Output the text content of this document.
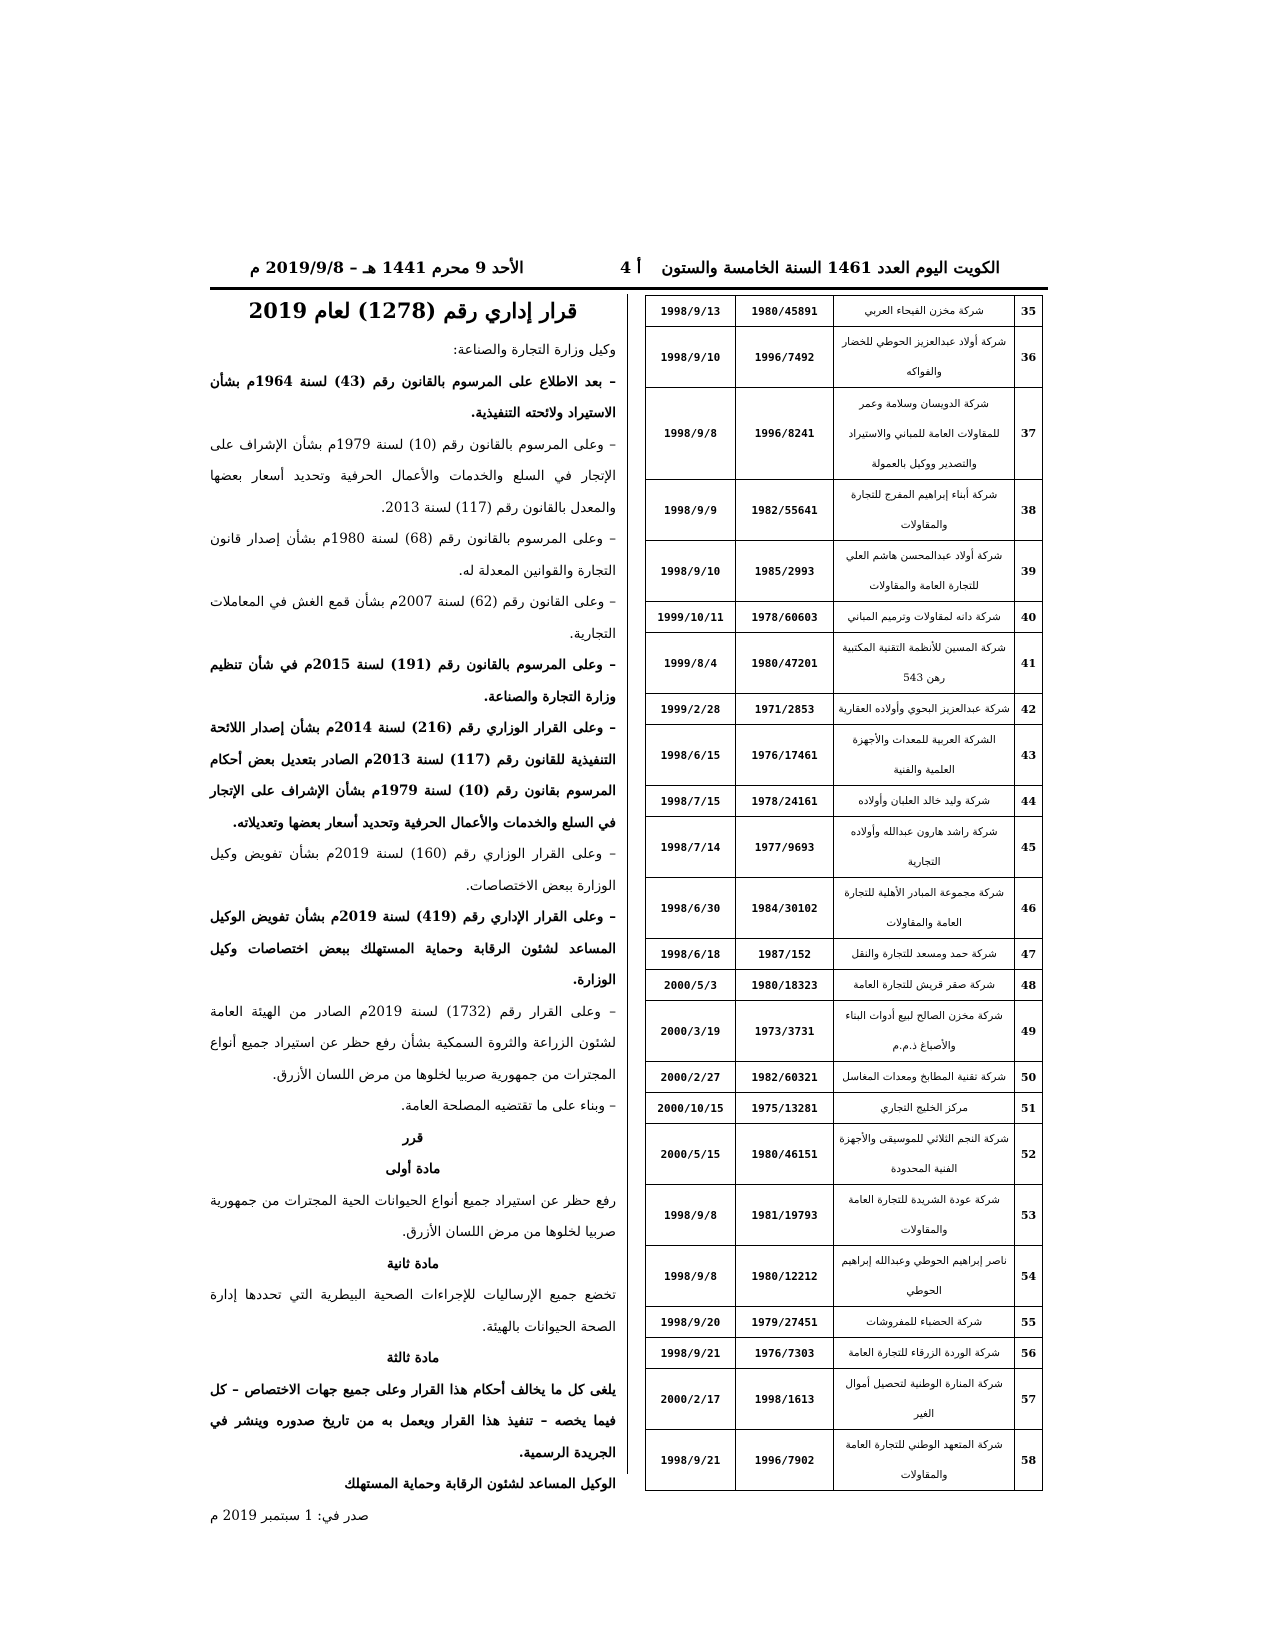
الأحد 9 محرم 1441 هـ – 2019/9/8 م	أ 4 الكويت اليوم العدد 1461 السنة الخامسة والستون
قرار إداري رقم (1278) لعام 2019

وكيل وزارة التجارة والصناعة:

– بعد الاطلاع على المرسوم بالقانون رقم (43) لسنة 1964م بشأن الاستيراد ولائحته التنفيذية.

– وعلى المرسوم بالقانون رقم (10) لسنة 1979م بشأن الإشراف على الإتجار في السلع والخدمات والأعمال الحرفية وتحديد أسعار بعضها والمعدل بالقانون رقم (117) لسنة 2013.

– وعلى المرسوم بالقانون رقم (68) لسنة 1980م بشأن إصدار قانون التجارة والقوانين المعدلة له.

– وعلى القانون رقم (62) لسنة 2007م بشأن قمع الغش في المعاملات التجارية.

– وعلى المرسوم بالقانون رقم (191) لسنة 2015م في شأن تنظيم وزارة التجارة والصناعة.

– وعلى القرار الوزاري رقم (216) لسنة 2014م بشأن إصدار اللائحة التنفيذية للقانون رقم (117) لسنة 2013م الصادر بتعديل بعض أحكام المرسوم بقانون رقم (10) لسنة 1979م بشأن الإشراف على الإتجار في السلع والخدمات والأعمال الحرفية وتحديد أسعار بعضها وتعديلاته.

– وعلى القرار الوزاري رقم (160) لسنة 2019م بشأن تفويض وكيل الوزارة ببعض الاختصاصات.

– وعلى القرار الإداري رقم (419) لسنة 2019م بشأن تفويض الوكيل المساعد لشئون الرقابة وحماية المستهلك ببعض اختصاصات وكيل الوزارة.

– وعلى القرار رقم (1732) لسنة 2019م الصادر من الهيئة العامة لشئون الزراعة والثروة السمكية بشأن رفع حظر عن استيراد جميع أنواع المجترات من جمهورية صربيا لخلوها من مرض اللسان الأزرق.

– وبناء على ما تقتضيه المصلحة العامة.

قرر

مادة أولى

رفع حظر عن استيراد جميع أنواع الحيوانات الحية المجترات من جمهورية صربيا لخلوها من مرض اللسان الأزرق.

مادة ثانية

تخضع جميع الإرساليات للإجراءات الصحية البيطرية التي تحددها إدارة الصحة الحيوانات بالهيئة.

مادة ثالثة

يلغى كل ما يخالف أحكام هذا القرار وعلى جميع جهات الاختصاص – كل فيما يخصه – تنفيذ هذا القرار ويعمل به من تاريخ صدوره وينشر في الجريدة الرسمية.

الوكيل المساعد لشئون الرقابة وحماية المستهلك

صدر في: 1 سبتمبر 2019 م

35	شركة مخزن الفيحاء العربي	1980/45891	1998/9/13
36	شركة أولاد عبدالعزيز الحوطي للخضار والفواكه	1996/7492	1998/9/10
37	شركة الدويسان وسلامة وعمر للمقاولات العامة للمباني والاستيراد والتصدير ووكيل بالعمولة	1996/8241	1998/9/8
38	شركة أبناء إبراهيم المفرج للتجارة والمقاولات	1982/55641	1998/9/9
39	شركة أولاد عبدالمحسن هاشم العلي للتجارة العامة والمقاولات	1985/2993	1998/9/10
40	شركة دانه لمقاولات وترميم المباني	1978/60603	1999/10/11
41	شركة المسين للأنظمة التقنية المكتبية رهن 543	1980/47201	1999/8/4
42	شركة عبدالعزيز البحوي وأولاده العقارية	1971/2853	1999/2/28
43	الشركة العربية للمعدات والأجهزة العلمية والفنية	1976/17461	1998/6/15
44	شركة وليد خالد العلبان وأولاده	1978/24161	1998/7/15
45	شركة راشد هارون عبدالله وأولاده التجارية	1977/9693	1998/7/14
46	شركة مجموعة المبادر الأهلية للتجارة العامة والمقاولات	1984/30102	1998/6/30
47	شركة حمد ومسعد للتجارة والنقل	1987/152	1998/6/18
48	شركة صقر قريش للتجارة العامة	1980/18323	2000/5/3
49	شركة مخزن الصالح لبيع أدوات البناء والأصباغ ذ.م.م	1973/3731	2000/3/19
50	شركة تقنية المطابخ ومعدات المغاسل	1982/60321	2000/2/27
51	مركز الخليج التجاري	1975/13281	2000/10/15
52	شركة النجم الثلاثي للموسيقى والأجهزة الفنية المحدودة	1980/46151	2000/5/15
53	شركة عودة الشريدة للتجارة العامة والمقاولات	1981/19793	1998/9/8
54	ناصر إبراهيم الحوطي وعبدالله إبراهيم الحوطي	1980/12212	1998/9/8
55	شركة الحضباء للمفروشات	1979/27451	1998/9/20
56	شركة الوردة الزرقاء للتجارة العامة	1976/7303	1998/9/21
57	شركة المنارة الوطنية لتحصيل أموال الغير	1998/1613	2000/2/17
58	شركة المتعهد الوطني للتجارة العامة والمقاولات	1996/7902	1998/9/21
